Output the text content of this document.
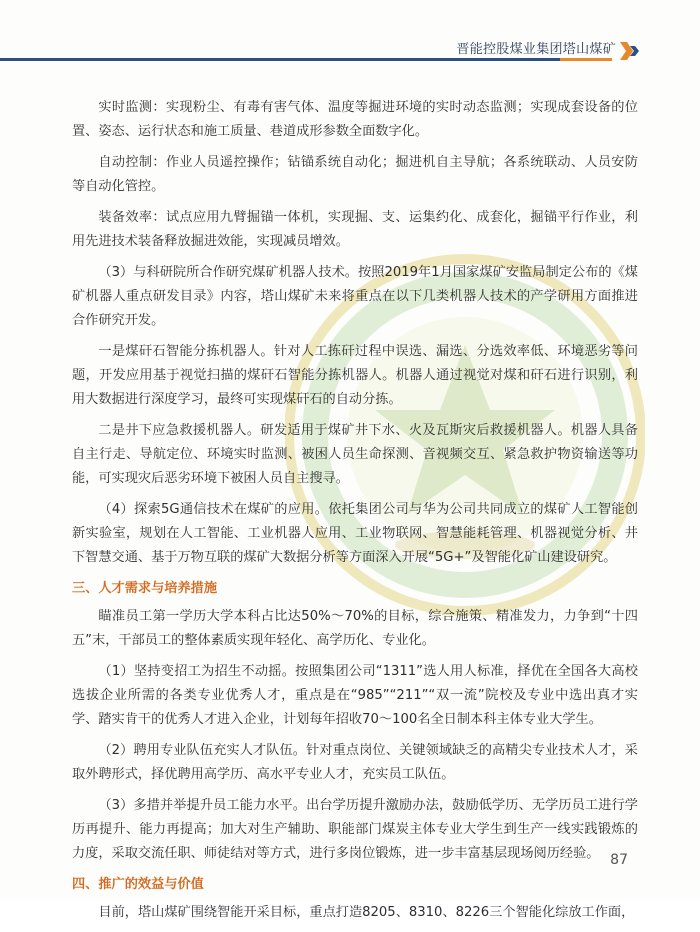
晋能控股煤业集团塔山煤矿

实时监测：实现粉尘、有毒有害气体、温度等掘进环境的实时动态监测；实现成套设备的位置、姿态、运行状态和施工质量、巷道成形参数全面数字化。

自动控制：作业人员遥控操作；钻锚系统自动化；掘进机自主导航；各系统联动、人员安防等自动化管控。

装备效率：试点应用九臂掘锚一体机，实现掘、支、运集约化、成套化，掘锚平行作业，利用先进技术装备释放掘进效能，实现减员增效。

（3）与科研院所合作研究煤矿机器人技术。按照2019年1月国家煤矿安监局制定公布的《煤矿机器人重点研发目录》内容，塔山煤矿未来将重点在以下几类机器人技术的产学研用方面推进合作研究开发。

一是煤矸石智能分拣机器人。针对人工拣矸过程中误选、漏选、分选效率低、环境恶劣等问题，开发应用基于视觉扫描的煤矸石智能分拣机器人。机器人通过视觉对煤和矸石进行识别，利用大数据进行深度学习，最终可实现煤矸石的自动分拣。

二是井下应急救援机器人。研发适用于煤矿井下水、火及瓦斯灾后救援机器人。机器人具备自主行走、导航定位、环境实时监测、被困人员生命探测、音视频交互、紧急救护物资输送等功能，可实现灾后恶劣环境下被困人员自主搜寻。

（4）探索5G通信技术在煤矿的应用。依托集团公司与华为公司共同成立的煤矿人工智能创新实验室，规划在人工智能、工业机器人应用、工业物联网、智慧能耗管理、机器视觉分析、井下智慧交通、基于万物互联的煤矿大数据分析等方面深入开展“5G+”及智能化矿山建设研究。

三、人才需求与培养措施

瞄准员工第一学历大学本科占比达50%～70%的目标，综合施策、精准发力，力争到“十四五”末，干部员工的整体素质实现年轻化、高学历化、专业化。

（1）坚持变招工为招生不动摇。按照集团公司“1311”选人用人标准，择优在全国各大高校选拔企业所需的各类专业优秀人才，重点是在“985”“211”“双一流”院校及专业中选出真才实学、踏实肯干的优秀人才进入企业，计划每年招收70～100名全日制本科主体专业大学生。

（2）聘用专业队伍充实人才队伍。针对重点岗位、关键领域缺乏的高精尖专业技术人才，采取外聘形式，择优聘用高学历、高水平专业人才，充实员工队伍。

（3）多措并举提升员工能力水平。出台学历提升激励办法，鼓励低学历、无学历员工进行学历再提升、能力再提高；加大对生产辅助、职能部门煤炭主体专业大学生到生产一线实践锻炼的力度，采取交流任职、师徒结对等方式，进行多岗位锻炼，进一步丰富基层现场阅历经验。

四、推广的效益与价值

目前，塔山煤矿围绕智能开采目标，重点打造8205、8310、8226三个智能化综放工作面，

87
